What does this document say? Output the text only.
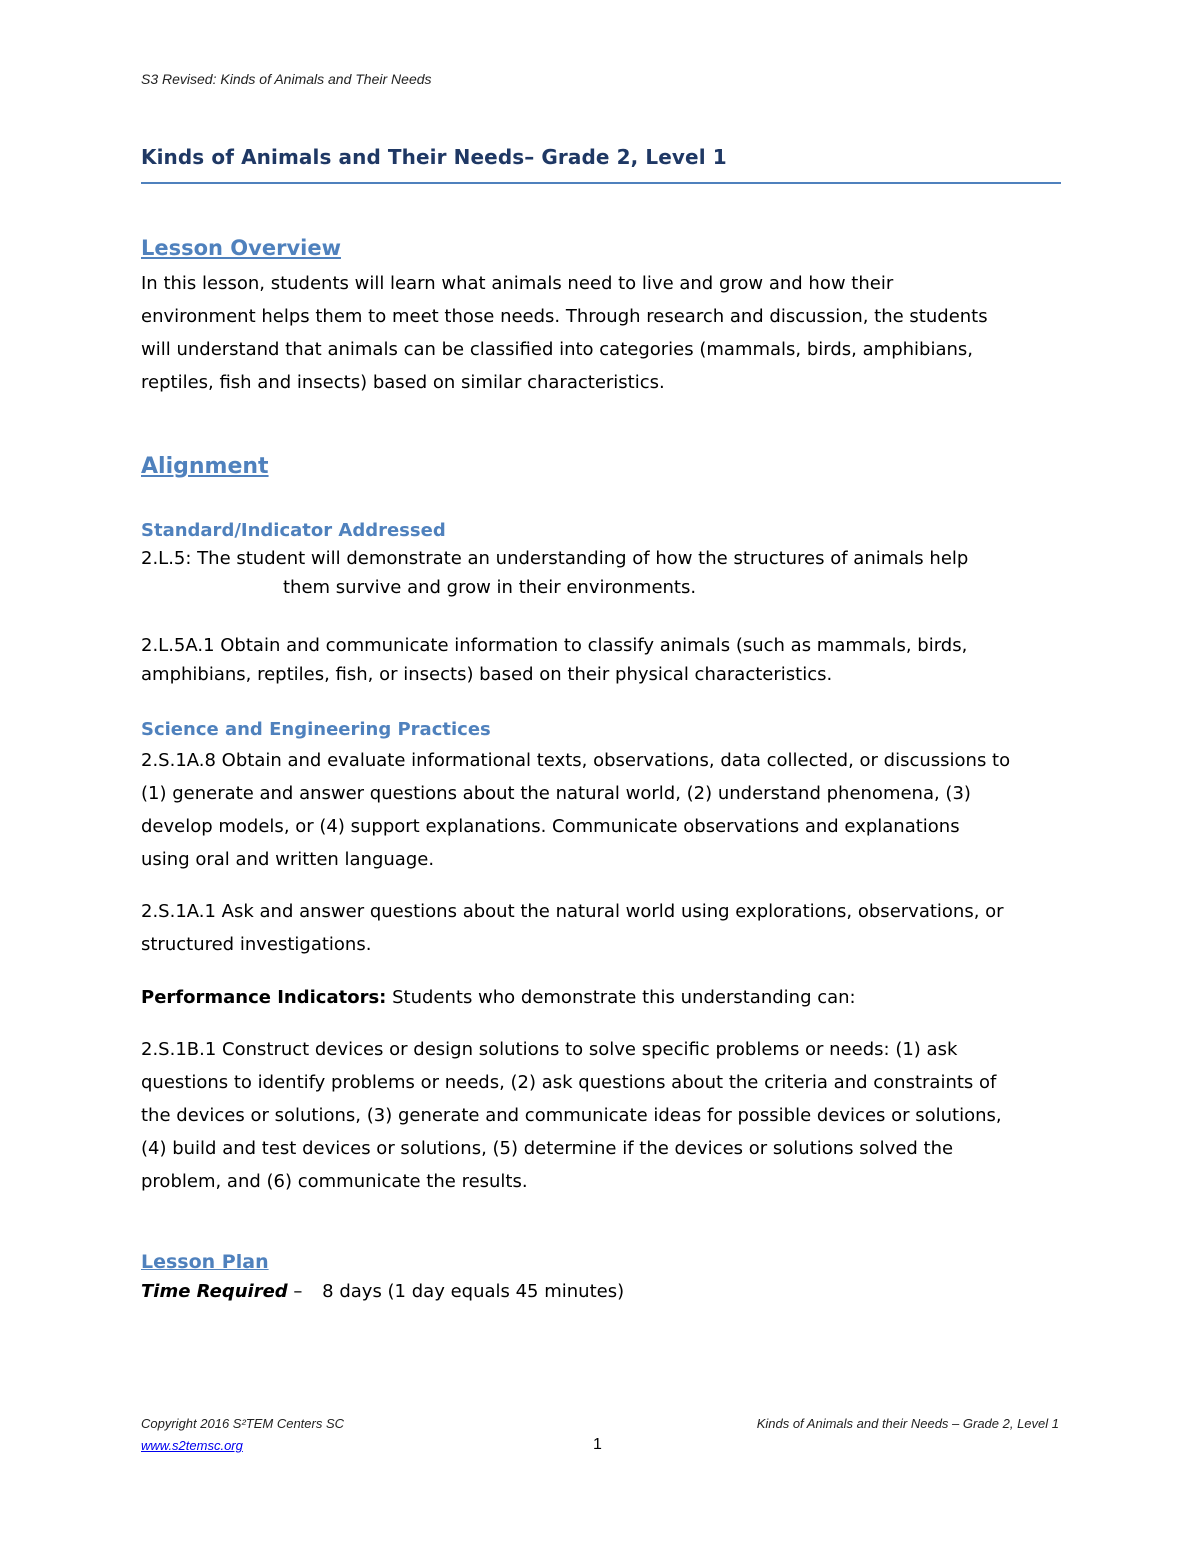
S3 Revised: Kinds of Animals and Their Needs
Kinds of Animals and Their Needs– Grade 2, Level 1
Lesson Overview
In this lesson, students will learn what animals need to live and grow and how their
environment helps them to meet those needs. Through research and discussion, the students
will understand that animals can be classified into categories (mammals, birds, amphibians,
reptiles, fish and insects) based on similar characteristics.
Alignment
Standard/Indicator Addressed
2.L.5: The student will demonstrate an understanding of how the structures of animals help
them survive and grow in their environments.
2.L.5A.1 Obtain and communicate information to classify animals (such as mammals, birds,
amphibians, reptiles, fish, or insects) based on their physical characteristics.
Science and Engineering Practices
2.S.1A.8 Obtain and evaluate informational texts, observations, data collected, or discussions to
(1) generate and answer questions about the natural world, (2) understand phenomena, (3)
develop models, or (4) support explanations. Communicate observations and explanations
using oral and written language.
2.S.1A.1 Ask and answer questions about the natural world using explorations, observations, or
structured investigations.
Performance Indicators: Students who demonstrate this understanding can:
2.S.1B.1 Construct devices or design solutions to solve specific problems or needs: (1) ask
questions to identify problems or needs, (2) ask questions about the criteria and constraints of
the devices or solutions, (3) generate and communicate ideas for possible devices or solutions,
(4) build and test devices or solutions, (5) determine if the devices or solutions solved the
problem, and (6) communicate the results.
Lesson Plan
Time Required – 8 days (1 day equals 45 minutes)
Copyright 2016 S²TEM Centers SC
www.s2temsc.org
Kinds of Animals and their Needs – Grade 2, Level 1
1
